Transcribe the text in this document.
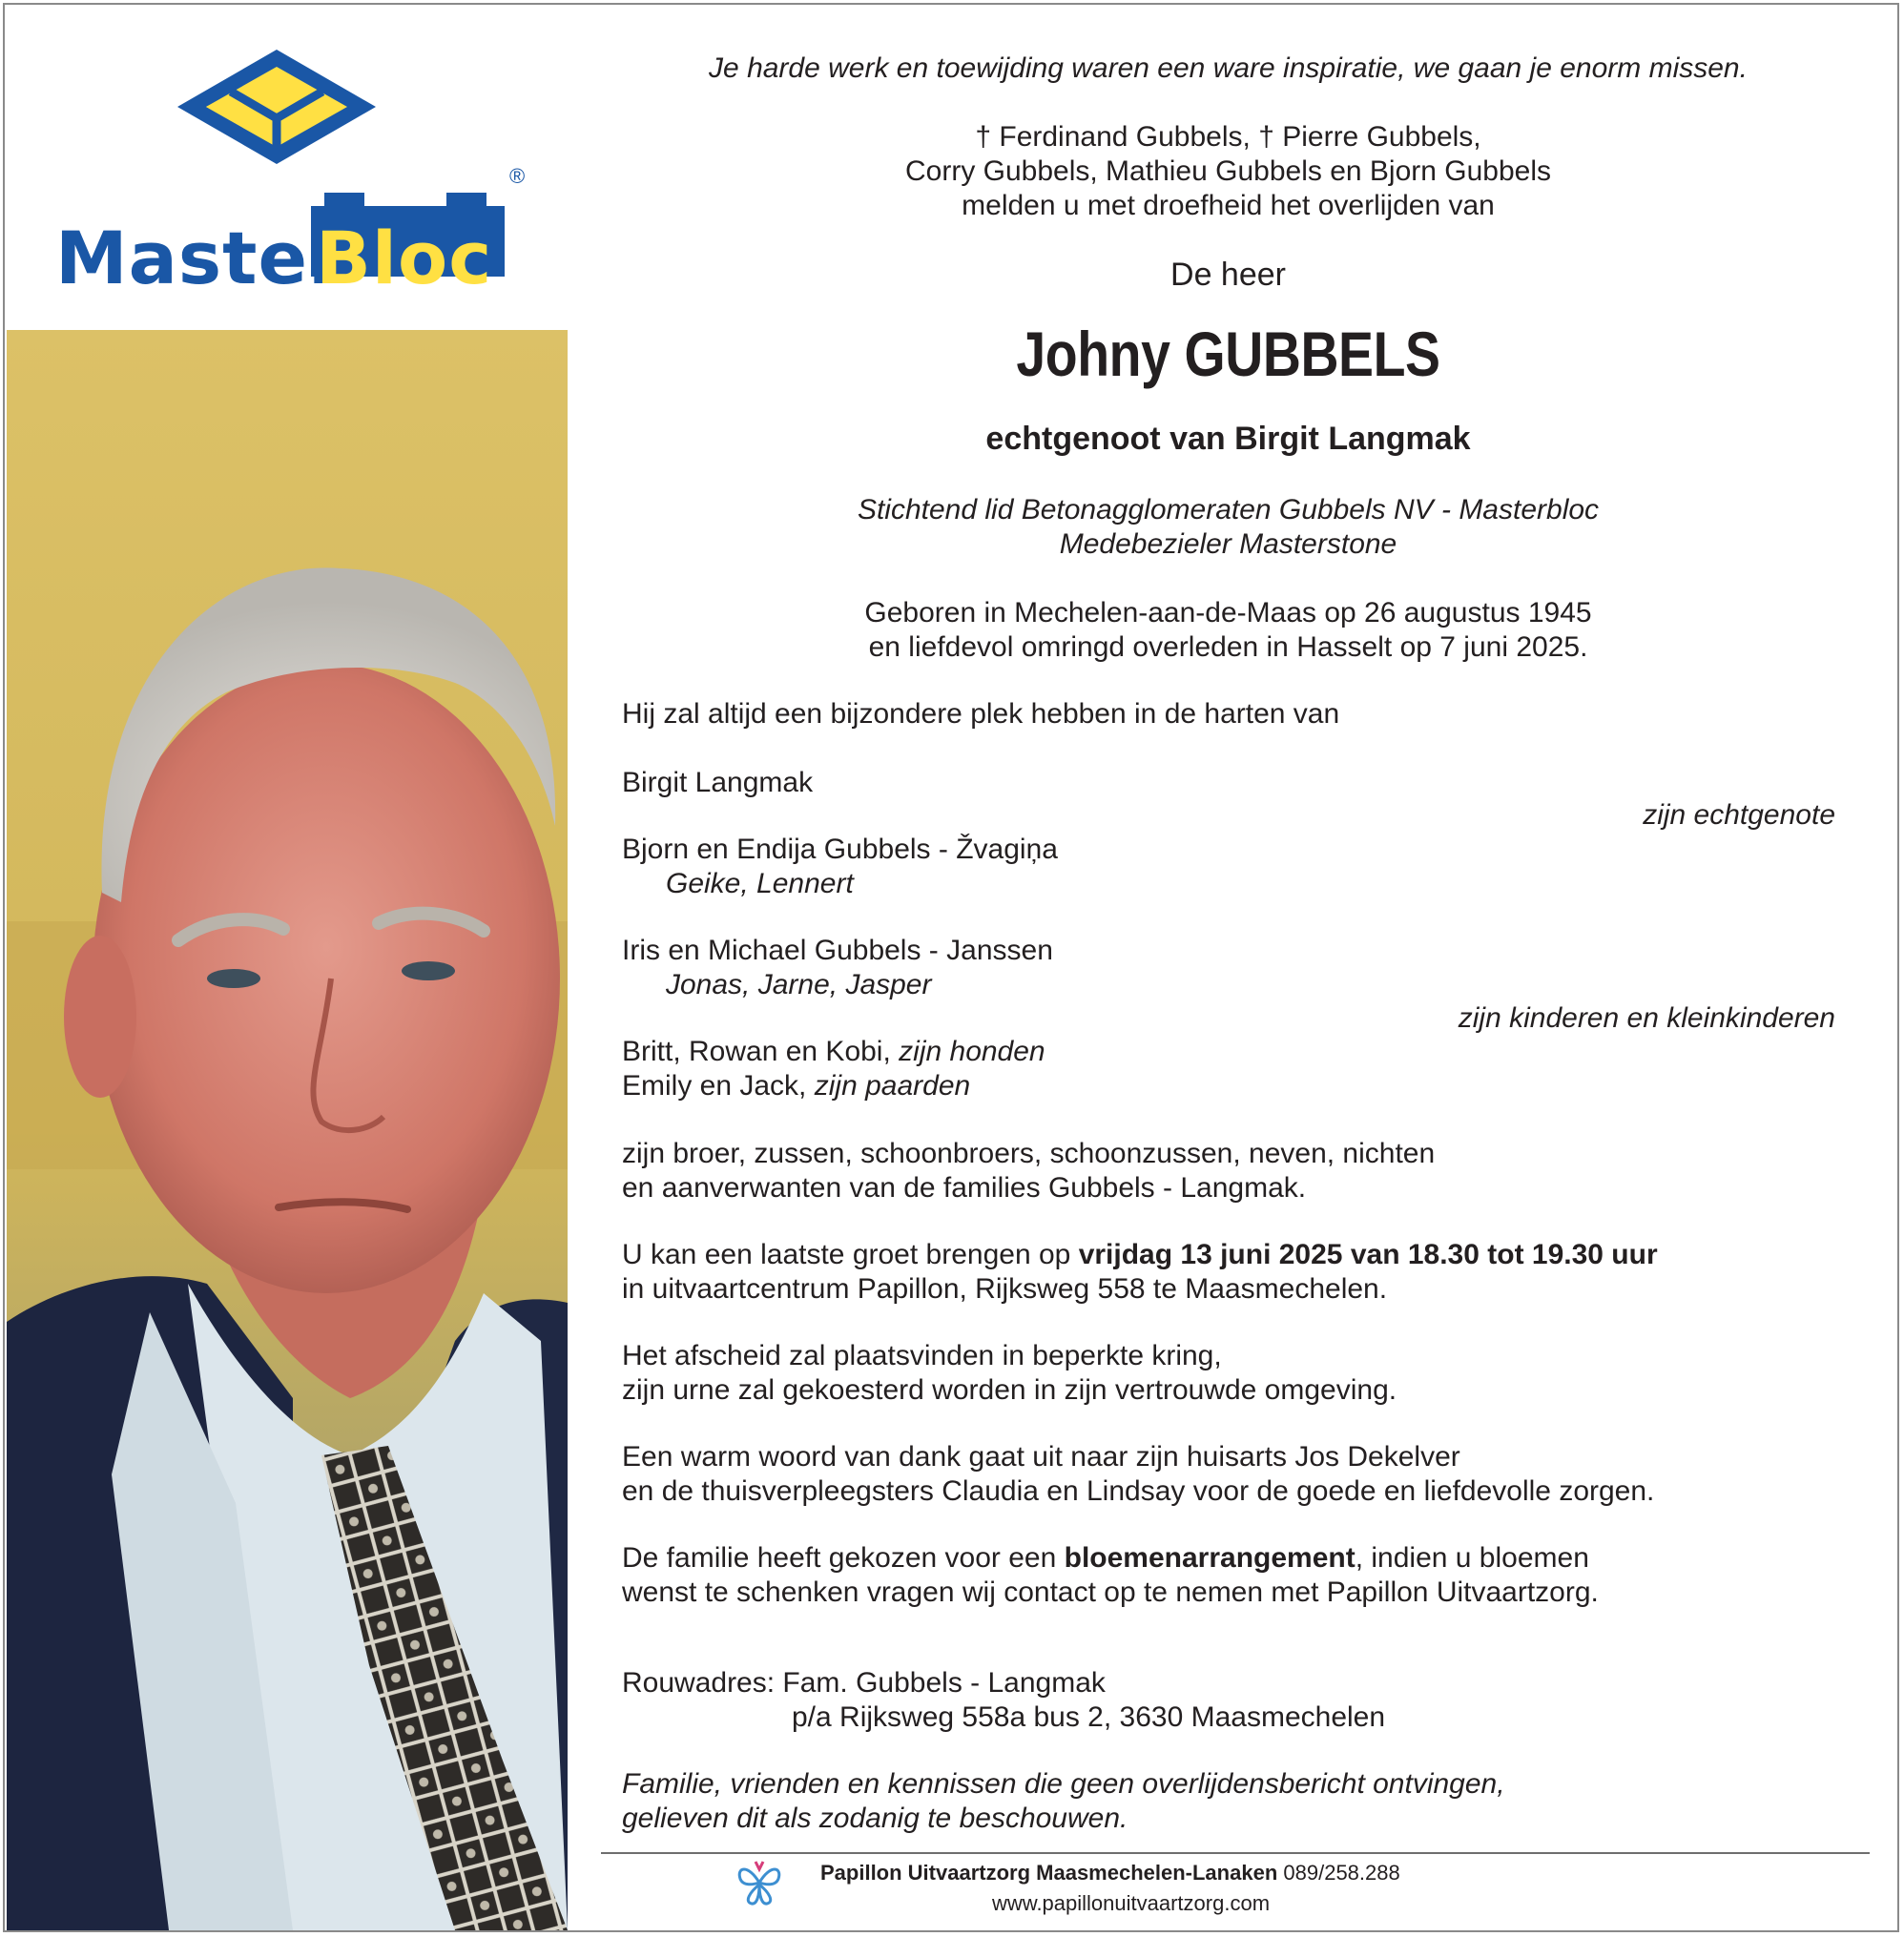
Master
Bloc
®
Je harde werk en toewijding waren een ware inspiratie, we gaan je enorm missen.
† Ferdinand Gubbels, † Pierre Gubbels,
Corry Gubbels, Mathieu Gubbels en Bjorn Gubbels
melden u met droefheid het overlijden van
De heer
Johny GUBBELS
echtgenoot van Birgit Langmak
Stichtend lid Betonagglomeraten Gubbels NV - Masterbloc
Medebezieler Masterstone
Geboren in Mechelen-aan-de-Maas op 26 augustus 1945
en liefdevol omringd overleden in Hasselt op 7 juni 2025.
Hij zal altijd een bijzondere plek hebben in de harten van
Birgit Langmak
zijn echtgenote
Bjorn en Endija Gubbels - Žvagiņa
Geike, Lennert
Iris en Michael Gubbels - Janssen
Jonas, Jarne, Jasper
zijn kinderen en kleinkinderen
Britt, Rowan en Kobi, zijn honden
Emily en Jack, zijn paarden
zijn broer, zussen, schoonbroers, schoonzussen, neven, nichten
en aanverwanten van de families Gubbels - Langmak.
U kan een laatste groet brengen op vrijdag 13 juni 2025 van 18.30 tot 19.30 uur
in uitvaartcentrum Papillon, Rijksweg 558 te Maasmechelen.
Het afscheid zal plaatsvinden in beperkte kring,
zijn urne zal gekoesterd worden in zijn vertrouwde omgeving.
Een warm woord van dank gaat uit naar zijn huisarts Jos Dekelver
en de thuisverpleegsters Claudia en Lindsay voor de goede en liefdevolle zorgen.
De familie heeft gekozen voor een bloemenarrangement, indien u bloemen
wenst te schenken vragen wij contact op te nemen met Papillon Uitvaartzorg.
Rouwadres: Fam. Gubbels - Langmak
p/a Rijksweg 558a bus 2, 3630 Maasmechelen
Familie, vrienden en kennissen die geen overlijdensbericht ontvingen,
gelieven dit als zodanig te beschouwen.
Papillon Uitvaartzorg Maasmechelen-Lanaken 089/258.288
www.papillonuitvaartzorg.com
